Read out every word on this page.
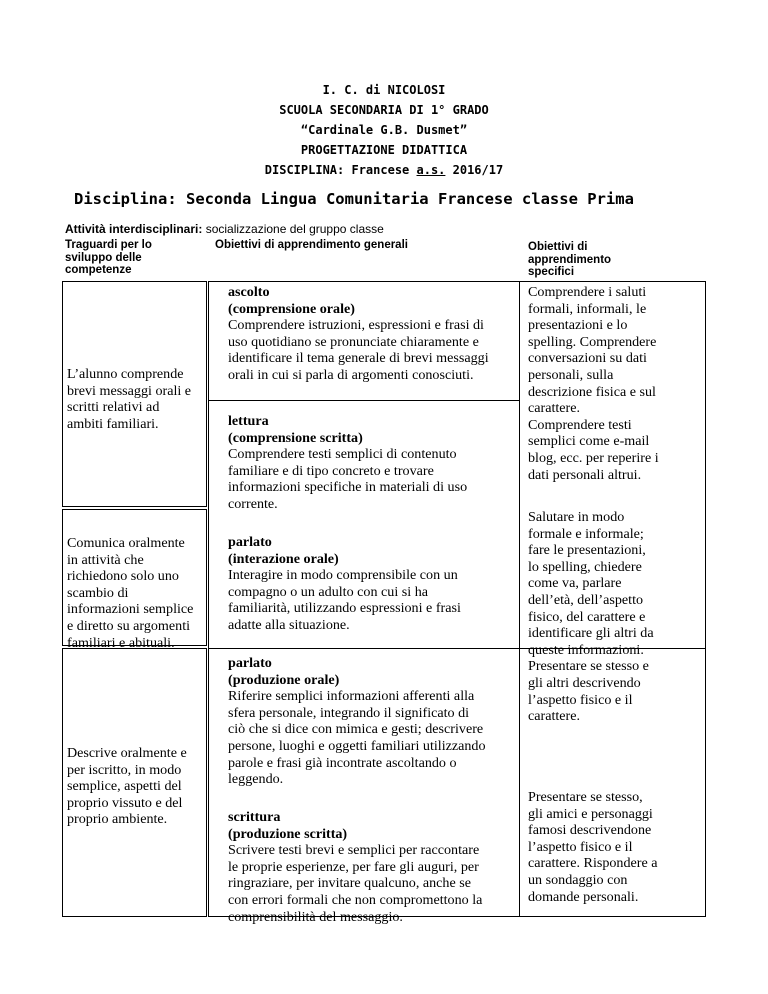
I. C. di NICOLOSI
SCUOLA SECONDARIA DI 1° GRADO
“Cardinale G.B. Dusmet”
PROGETTAZIONE DIDATTICA
DISCIPLINA: Francese a.s. 2016/17
Disciplina: Seconda Lingua Comunitaria Francese classe Prima
Attività interdisciplinari: socializzazione del gruppo classe
Traguardi per lo
sviluppo delle
competenze
Obiettivi di apprendimento generali	Obiettivi di
apprendimento
specifici
L’alunno comprende
brevi messaggi orali e
scritti relativi ad
ambiti familiari.
Comunica oralmente
in attività che
richiedono solo uno
scambio di
informazioni semplice
e diretto su argomenti
familiari e abituali.
Descrive oralmente e
per iscritto, in modo
semplice, aspetti del
proprio vissuto e del
proprio ambiente.
ascolto
(comprensione orale)
Comprendere istruzioni, espressioni e frasi di
uso quotidiano se pronunciate chiaramente e
identificare il tema generale di brevi messaggi
orali in cui si parla di argomenti conosciuti.
lettura
(comprensione scritta)
Comprendere testi semplici di contenuto
familiare e di tipo concreto e trovare
informazioni specifiche in materiali di uso
corrente.
parlato
(interazione orale)
Interagire in modo comprensibile con un
compagno o un adulto con cui si ha
familiarità, utilizzando espressioni e frasi
adatte alla situazione.
parlato
(produzione orale)
Riferire semplici informazioni afferenti alla
sfera personale, integrando il significato di
ciò che si dice con mimica e gesti; descrivere
persone, luoghi e oggetti familiari utilizzando
parole e frasi già incontrate ascoltando o
leggendo.
scrittura
(produzione scritta)
Scrivere testi brevi e semplici per raccontare
le proprie esperienze, per fare gli auguri, per
ringraziare, per invitare qualcuno, anche se
con errori formali che non compromettono la
comprensibilità del messaggio.
Comprendere i saluti
formali, informali, le
presentazioni e lo
spelling. Comprendere
conversazioni su dati
personali, sulla
descrizione fisica e sul
carattere.
Comprendere testi
semplici come e-mail
blog, ecc. per reperire i
dati personali altrui.
Salutare in modo
formale e informale;
fare le presentazioni,
lo spelling, chiedere
come va, parlare
dell’età, dell’aspetto
fisico, del carattere e
identificare gli altri da
queste informazioni.
Presentare se stesso e
gli altri descrivendo
l’aspetto fisico e il
carattere.
Presentare se stesso,
gli amici e personaggi
famosi descrivendone
l’aspetto fisico e il
carattere. Rispondere a
un sondaggio con
domande personali.
